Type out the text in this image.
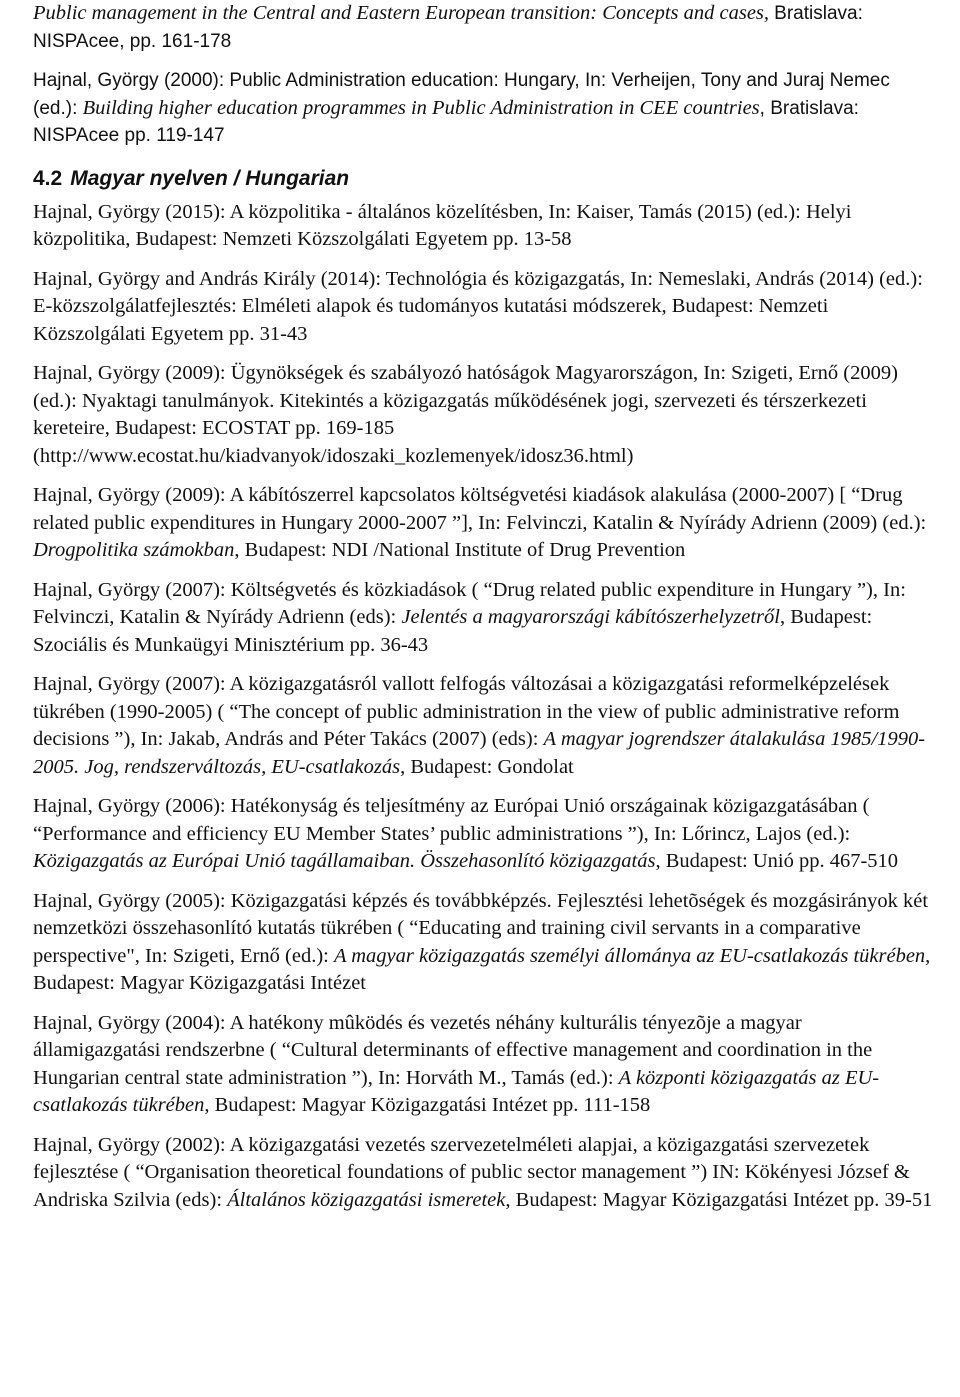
Public management in the Central and Eastern European transition: Concepts and cases, Bratislava: NISPAcee, pp. 161-178

Hajnal, György (2000): Public Administration education: Hungary, In: Verheijen, Tony and Juraj Nemec (ed.): Building higher education programmes in Public Administration in CEE countries, Bratislava: NISPAcee pp. 119-147

4.2 Magyar nyelven / Hungarian

Hajnal, György (2015): A közpolitika - általános közelítésben, In: Kaiser, Tamás (2015) (ed.): Helyi közpolitika, Budapest: Nemzeti Közszolgálati Egyetem pp. 13-58

Hajnal, György and András Király (2014): Technológia és közigazgatás, In: Nemeslaki, András (2014) (ed.): E-közszolgálatfejlesztés: Elméleti alapok és tudományos kutatási módszerek, Budapest: Nemzeti Közszolgálati Egyetem pp. 31-43

Hajnal, György (2009): Ügynökségek és szabályozó hatóságok Magyarországon, In: Szigeti, Ernő (2009) (ed.): Nyaktagi tanulmányok. Kitekintés a közigazgatás működésének jogi, szervezeti és térszerkezeti kereteire, Budapest: ECOSTAT pp. 169-185 (http://www.ecostat.hu/kiadvanyok/idoszaki_kozlemenyek/idosz36.html)

Hajnal, György (2009): A kábítószerrel kapcsolatos költségvetési kiadások alakulása (2000-2007) [ “Drug related public expenditures in Hungary 2000-2007 ”], In: Felvinczi, Katalin & Nyírády Adrienn (2009) (ed.): Drogpolitika számokban, Budapest: NDI /National Institute of Drug Prevention

Hajnal, György (2007): Költségvetés és közkiadások ( “Drug related public expenditure in Hungary ”), In: Felvinczi, Katalin & Nyírády Adrienn (eds): Jelentés a magyarországi kábítószerhelyzetről, Budapest: Szociális és Munkaügyi Minisztérium pp. 36-43

Hajnal, György (2007): A közigazgatásról vallott felfogás változásai a közigazgatási reformelképzelések tükrében (1990-2005) ( “The concept of public administration in the view of public administrative reform decisions ”), In: Jakab, András and Péter Takács (2007) (eds): A magyar jogrendszer átalakulása 1985/1990-2005. Jog, rendszerváltozás, EU-csatlakozás, Budapest: Gondolat

Hajnal, György (2006): Hatékonyság és teljesítmény az Európai Unió országainak közigazgatásában ( “Performance and efficiency EU Member States’ public administrations ”), In: Lőrincz, Lajos (ed.): Közigazgatás az Európai Unió tagállamaiban. Összehasonlító közigazgatás, Budapest: Unió pp. 467-510

Hajnal, György (2005): Közigazgatási képzés és továbbképzés. Fejlesztési lehetõségek és mozgásirányok két nemzetközi összehasonlító kutatás tükrében ( “Educating and training civil servants in a comparative perspective", In: Szigeti, Ernő (ed.): A magyar közigazgatás személyi állománya az EU-csatlakozás tükrében, Budapest: Magyar Közigazgatási Intézet

Hajnal, György (2004): A hatékony mûködés és vezetés néhány kulturális tényezõje a magyar államigazgatási rendszerbne ( “Cultural determinants of effective management and coordination in the Hungarian central state administration ”), In: Horváth M., Tamás (ed.): A központi közigazgatás az EU-csatlakozás tükrében, Budapest: Magyar Közigazgatási Intézet pp. 111-158

Hajnal, György (2002): A közigazgatási vezetés szervezetelméleti alapjai, a közigazgatási szervezetek fejlesztése ( “Organisation theoretical foundations of public sector management ”) IN: Kökényesi József & Andriska Szilvia (eds): Általános közigazgatási ismeretek, Budapest: Magyar Közigazgatási Intézet pp. 39-51
